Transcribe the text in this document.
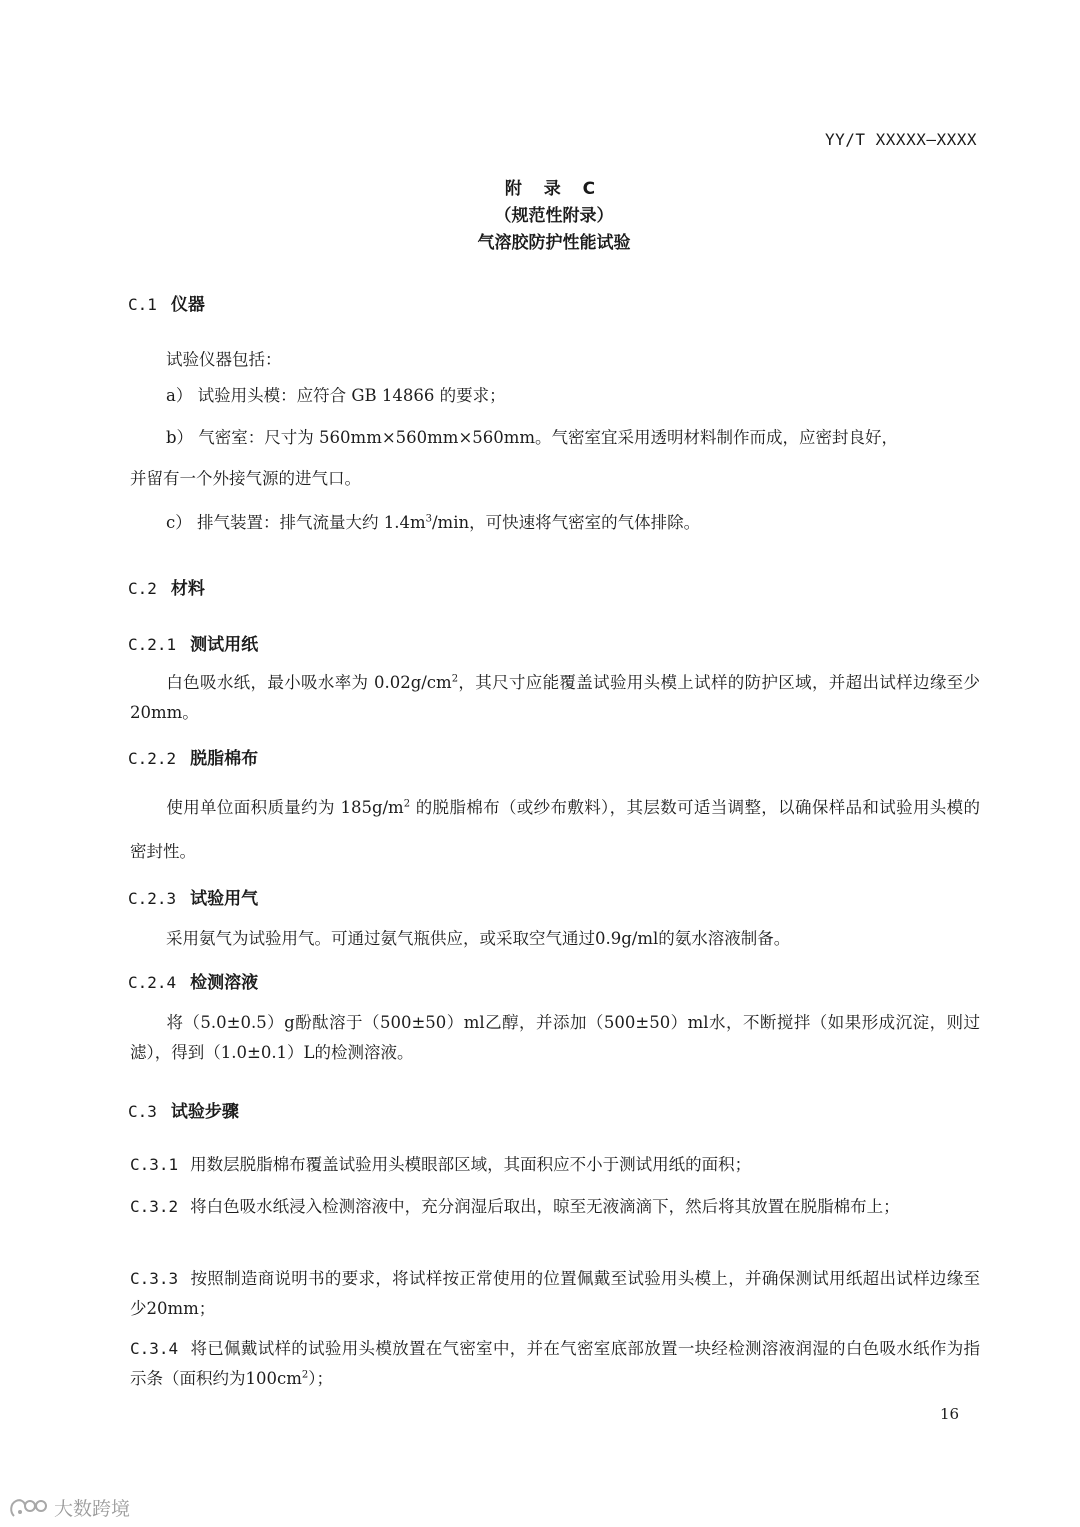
YY/T XXXXX—XXXX
附 录 C
（规范性附录）
气溶胶防护性能试验
C.1 仪器
试验仪器包括：
a） 试验用头模：应符合 GB 14866 的要求；
b） 气密室：尺寸为 560mm×560mm×560mm。气密室宜采用透明材料制作而成，应密封良好，
并留有一个外接气源的进气口。
c） 排气装置：排气流量大约 $1.4m^3/\min$，可快速将气密室的气体排除。
C.2 材料
C.2.1 测试用纸
白色吸水纸，最小吸水率为 $0.02g/cm^2$，其尺寸应能覆盖试验用头模上试样的防护区域，并超出试样边缘至少 20mm。
C.2.2 脱脂棉布
使用单位面积质量约为 $185g/m^2$ 的脱脂棉布（或纱布敷料），其层数可适当调整，以确保样品和试验用头模的密封性。
C.2.3 试验用气
采用氨气为试验用气。可通过氨气瓶供应，或采取空气通过0.9g/ml的氨水溶液制备。
C.2.4 检测溶液
将（5.0±0.5）g酚酞溶于（500±50）ml乙醇，并添加（500±50）ml水，不断搅拌（如果形成沉淀，则过滤），得到（1.0±0.1）L的检测溶液。
C.3 试验步骤
C.3.1 用数层脱脂棉布覆盖试验用头模眼部区域，其面积应不小于测试用纸的面积；
C.3.2 将白色吸水纸浸入检测溶液中，充分润湿后取出，晾至无液滴滴下，然后将其放置在脱脂棉布上；
C.3.3 按照制造商说明书的要求，将试样按正常使用的位置佩戴至试验用头模上，并确保测试用纸超出试样边缘至少20mm；
C.3.4 将已佩戴试样的试验用头模放置在气密室中，并在气密室底部放置一块经检测溶液润湿的白色吸水纸作为指示条（面积约为$100cm^2$）；
16
大数跨境
